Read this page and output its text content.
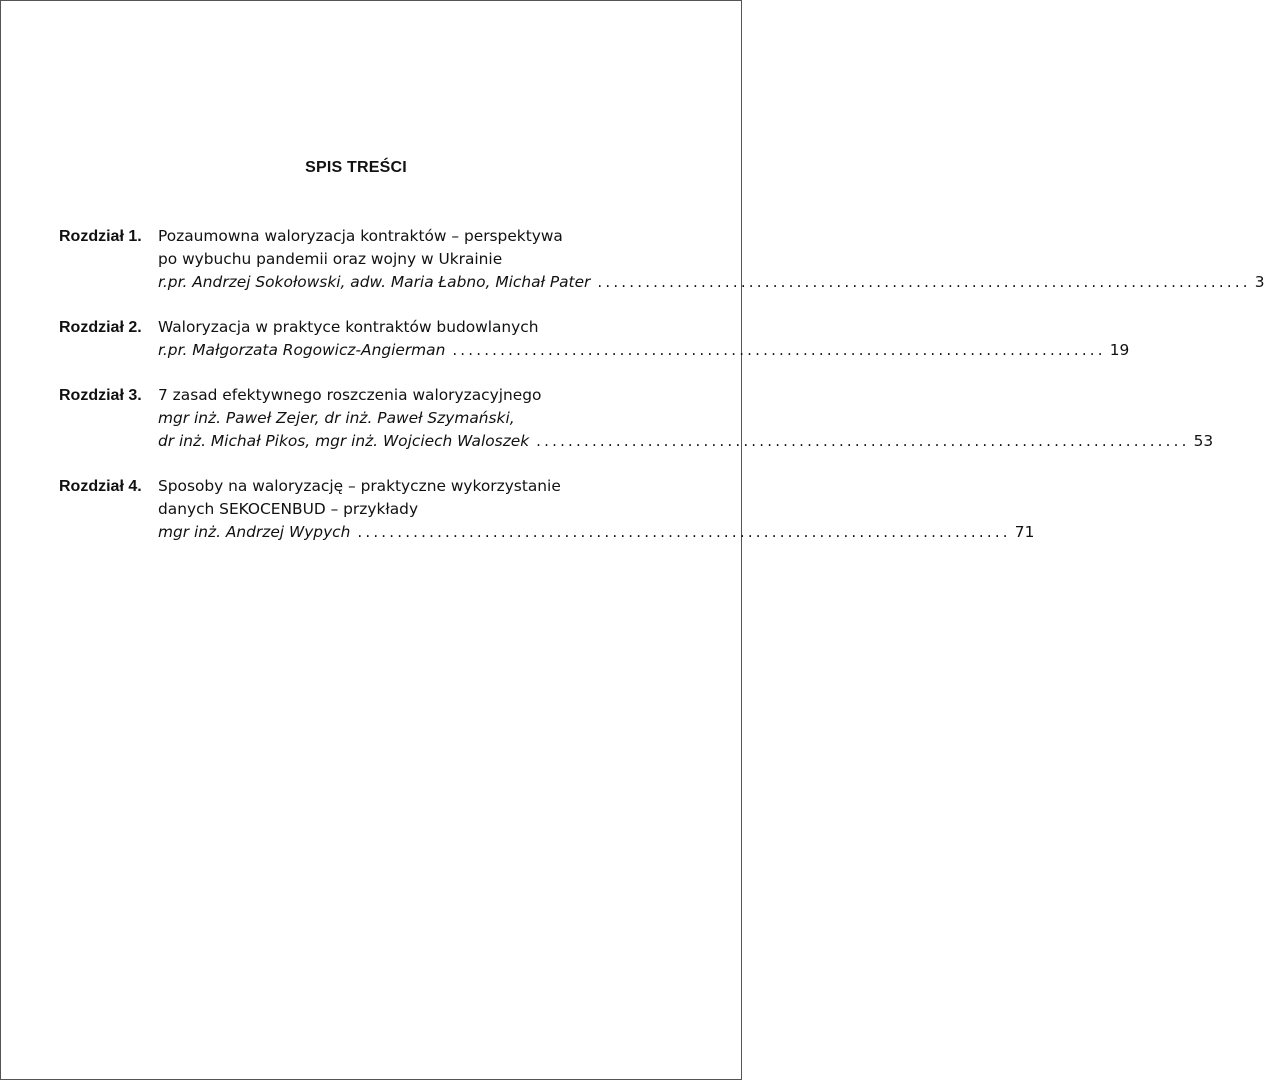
SPIS TREŚCI
Rozdział 1. Pozaumowna waloryzacja kontraktów – perspektywa
po wybuchu pandemii oraz wojny w Ukrainie
r.pr. Andrzej Sokołowski, adw. Maria Łabno, Michał Pater .................................................................................. 3
Rozdział 2. Waloryzacja w praktyce kontraktów budowlanych
r.pr. Małgorzata Rogowicz-Angierman .................................................................................. 19
Rozdział 3. 7 zasad efektywnego roszczenia waloryzacyjnego
mgr inż. Paweł Zejer, dr inż. Paweł Szymański,
dr inż. Michał Pikos, mgr inż. Wojciech Waloszek .................................................................................. 53
Rozdział 4. Sposoby na waloryzację – praktyczne wykorzystanie
danych SEKOCENBUD – przykłady
mgr inż. Andrzej Wypych .................................................................................. 71
